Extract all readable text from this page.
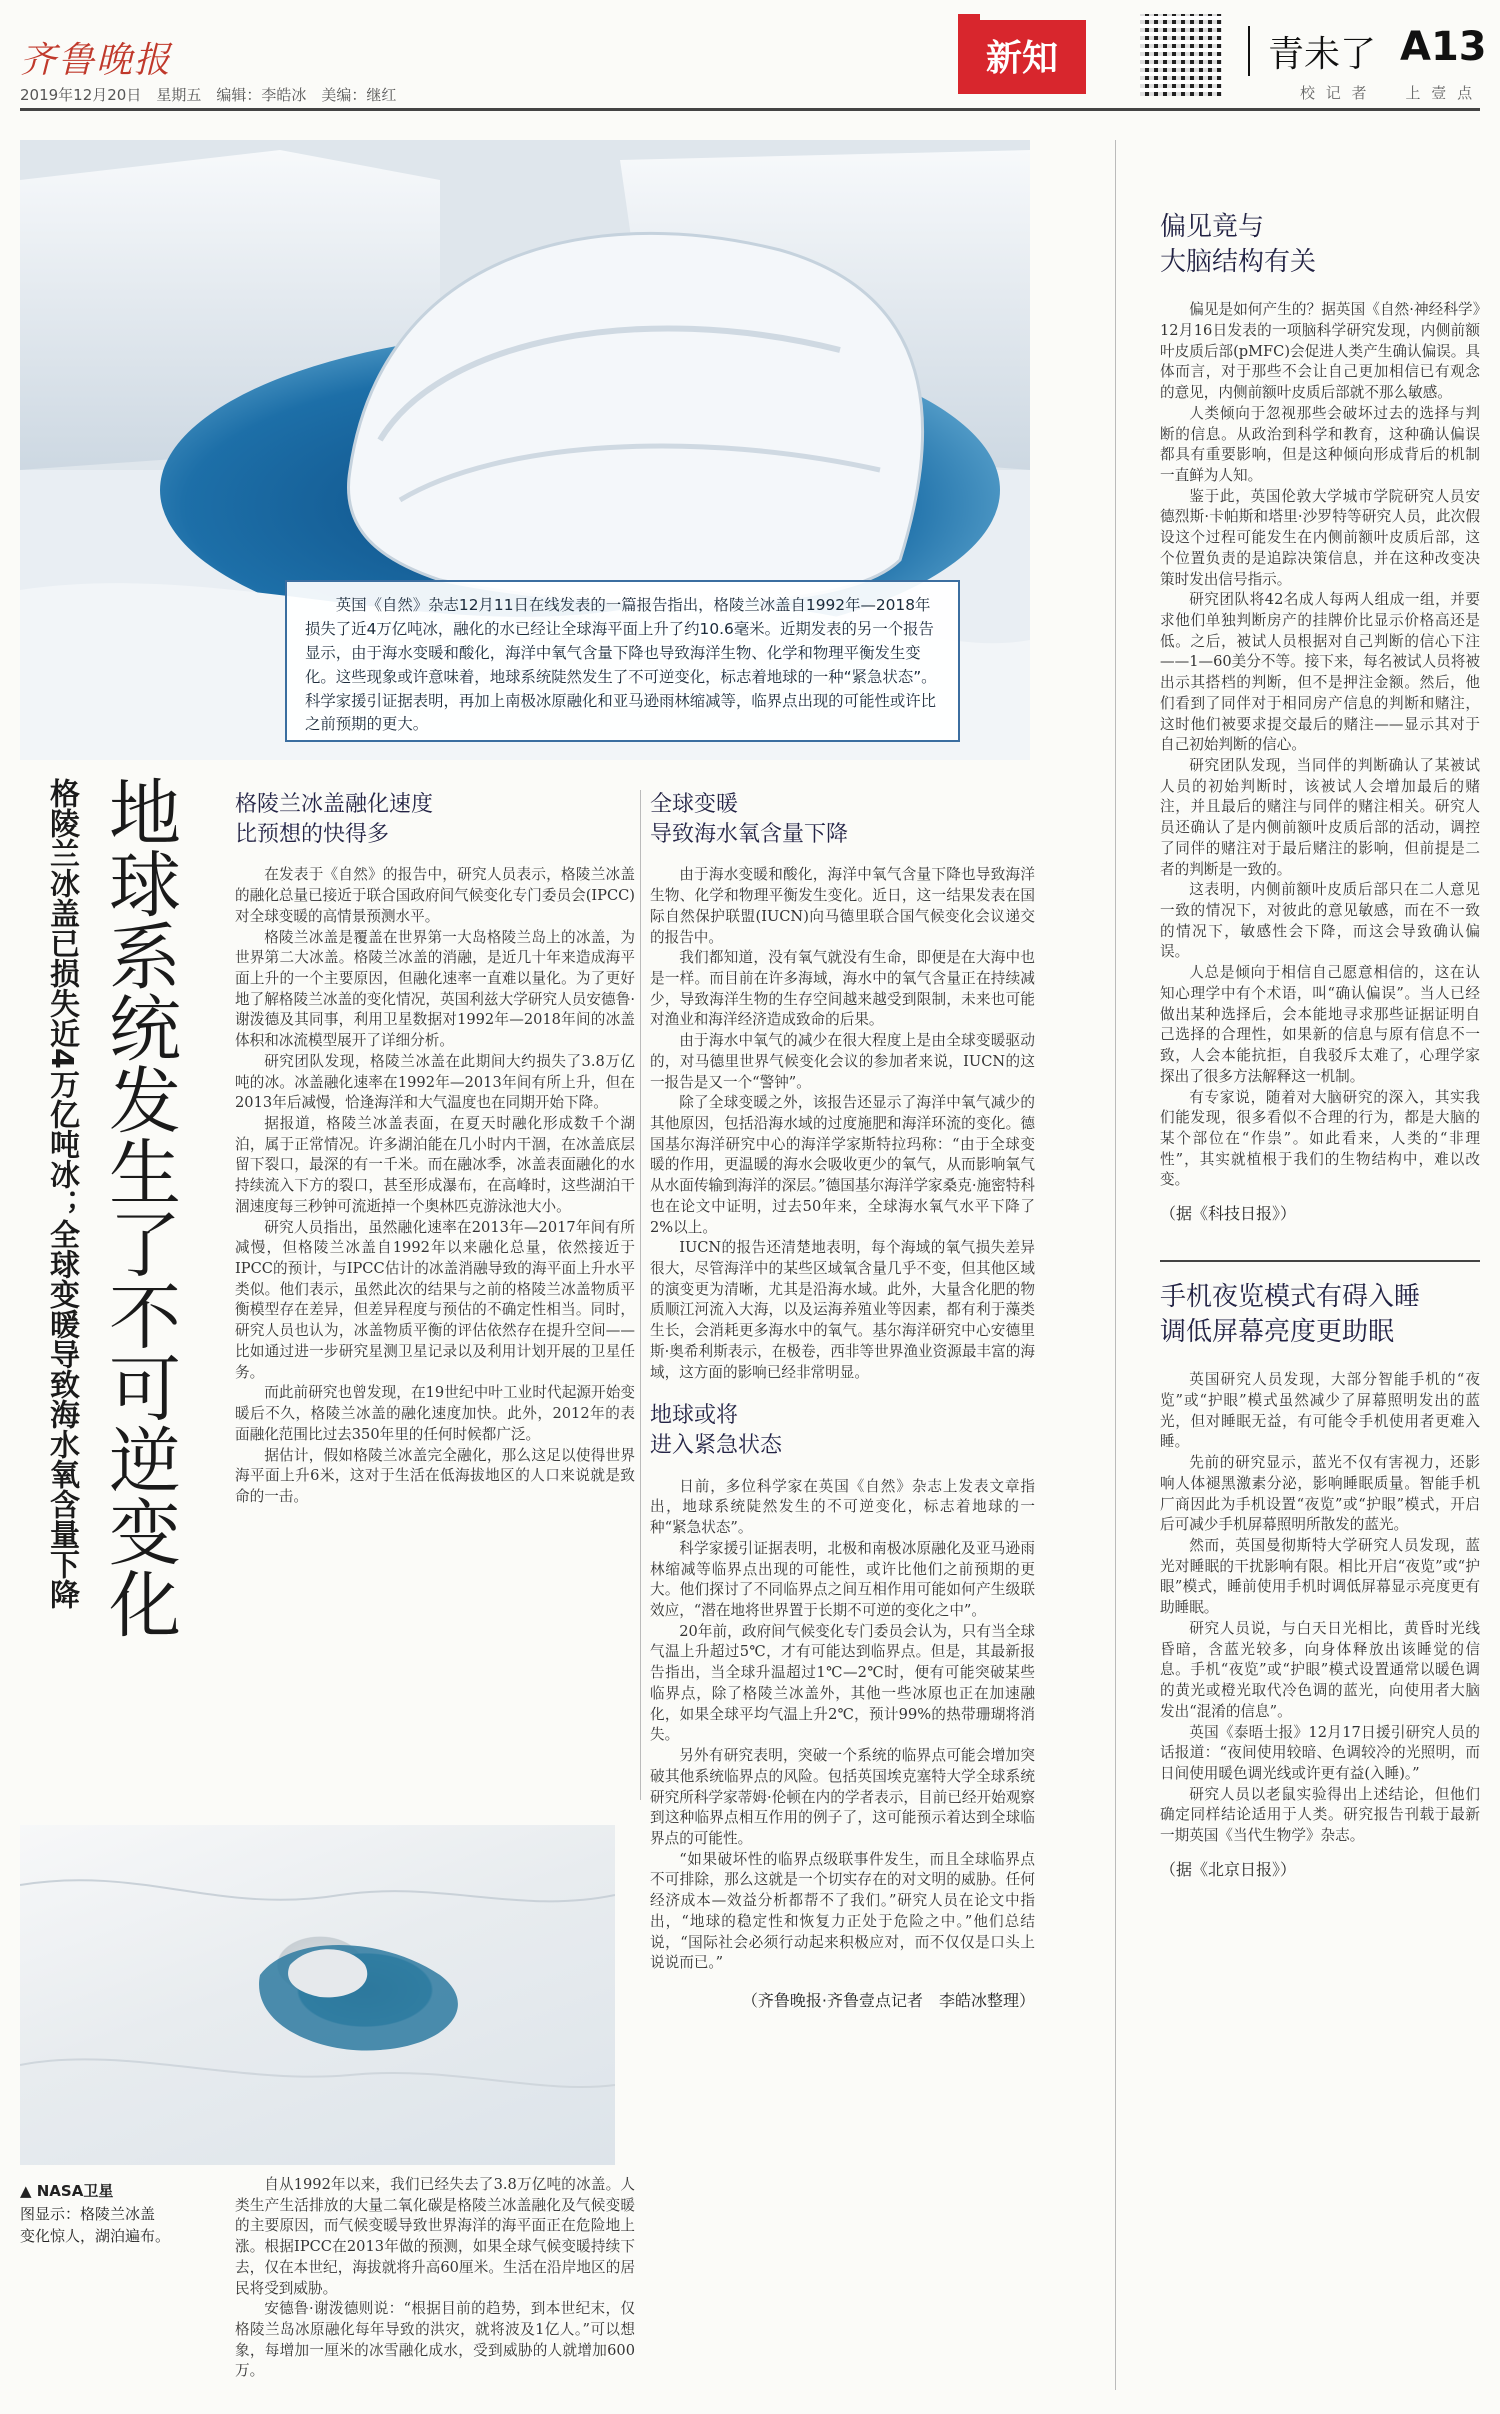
齐鲁晚报
2019年12月20日　星期五　编辑：李皓冰　美编：继红
新知	青未了 A13
校 记 者　　上 壹 点
英国《自然》杂志12月11日在线发表的一篇报告指出，格陵兰冰盖自1992年—2018年损失了近4万亿吨冰，融化的水已经让全球海平面上升了约10.6毫米。近期发表的另一个报告显示，由于海水变暖和酸化，海洋中氧气含量下降也导致海洋生物、化学和物理平衡发生变化。这些现象或许意味着，地球系统陡然发生了不可逆变化，标志着地球的一种“紧急状态”。科学家援引证据表明，再加上南极冰原融化和亚马逊雨林缩减等，临界点出现的可能性或许比之前预期的更大。
地球系统发生了不可逆变化
格陵兰冰盖已损失近4万亿吨冰；全球变暖导致海水氧含量下降	格陵兰冰盖融化速度
比预想的快得多

在发表于《自然》的报告中，研究人员表示，格陵兰冰盖的融化总量已接近于联合国政府间气候变化专门委员会(IPCC)对全球变暖的高情景预测水平。

格陵兰冰盖是覆盖在世界第一大岛格陵兰岛上的冰盖，为世界第二大冰盖。格陵兰冰盖的消融，是近几十年来造成海平面上升的一个主要原因，但融化速率一直难以量化。为了更好地了解格陵兰冰盖的变化情况，英国利兹大学研究人员安德鲁·谢泼德及其同事，利用卫星数据对1992年—2018年间的冰盖体积和冰流模型展开了详细分析。

研究团队发现，格陵兰冰盖在此期间大约损失了3.8万亿吨的冰。冰盖融化速率在1992年—2013年间有所上升，但在2013年后减慢，恰逢海洋和大气温度也在同期开始下降。

据报道，格陵兰冰盖表面，在夏天时融化形成数千个湖泊，属于正常情况。许多湖泊能在几小时内干涸，在冰盖底层留下裂口，最深的有一千米。而在融冰季，冰盖表面融化的水持续流入下方的裂口，甚至形成瀑布，在高峰时，这些湖泊干涸速度每三秒钟可流逝掉一个奥林匹克游泳池大小。

研究人员指出，虽然融化速率在2013年—2017年间有所减慢，但格陵兰冰盖自1992年以来融化总量，依然接近于IPCC的预计，与IPCC估计的冰盖消融导致的海平面上升水平类似。他们表示，虽然此次的结果与之前的格陵兰冰盖物质平衡模型存在差异，但差异程度与预估的不确定性相当。同时，研究人员也认为，冰盖物质平衡的评估依然存在提升空间——比如通过进一步研究星测卫星记录以及利用计划开展的卫星任务。

而此前研究也曾发现，在19世纪中叶工业时代起源开始变暖后不久，格陵兰冰盖的融化速度加快。此外，2012年的表面融化范围比过去350年里的任何时候都广泛。

据估计，假如格陵兰冰盖完全融化，那么这足以使得世界海平面上升6米，这对于生活在低海拔地区的人口来说就是致命的一击。

全球变暖
导致海水氧含量下降

由于海水变暖和酸化，海洋中氧气含量下降也导致海洋生物、化学和物理平衡发生变化。近日，这一结果发表在国际自然保护联盟(IUCN)向马德里联合国气候变化会议递交的报告中。

我们都知道，没有氧气就没有生命，即便是在大海中也是一样。而目前在许多海域，海水中的氧气含量正在持续减少，导致海洋生物的生存空间越来越受到限制，未来也可能对渔业和海洋经济造成致命的后果。

由于海水中氧气的减少在很大程度上是由全球变暖驱动的，对马德里世界气候变化会议的参加者来说，IUCN的这一报告是又一个“警钟”。

除了全球变暖之外，该报告还显示了海洋中氧气减少的其他原因，包括沿海水域的过度施肥和海洋环流的变化。德国基尔海洋研究中心的海洋学家斯特拉玛称：“由于全球变暖的作用，更温暖的海水会吸收更少的氧气，从而影响氧气从水面传输到海洋的深层。”德国基尔海洋学家桑克·施密特科也在论文中证明，过去50年来，全球海水氧气水平下降了2%以上。

IUCN的报告还清楚地表明，每个海域的氧气损失差异很大，尽管海洋中的某些区域氧含量几乎不变，但其他区域的演变更为清晰，尤其是沿海水域。此外，大量含化肥的物质顺江河流入大海，以及运海养殖业等因素，都有利于藻类生长，会消耗更多海水中的氧气。基尔海洋研究中心安德里斯·奥希利斯表示，在极卷，西非等世界渔业资源最丰富的海域，这方面的影响已经非常明显。

地球或将
进入紧急状态

日前，多位科学家在英国《自然》杂志上发表文章指出，地球系统陡然发生的不可逆变化，标志着地球的一种“紧急状态”。

科学家援引证据表明，北极和南极冰原融化及亚马逊雨林缩减等临界点出现的可能性，或许比他们之前预期的更大。他们探讨了不同临界点之间互相作用可能如何产生级联效应，“潜在地将世界置于长期不可逆的变化之中”。

20年前，政府间气候变化专门委员会认为，只有当全球气温上升超过5℃，才有可能达到临界点。但是，其最新报告指出，当全球升温超过1℃—2℃时，便有可能突破某些临界点，除了格陵兰冰盖外，其他一些冰原也正在加速融化，如果全球平均气温上升2℃，预计99%的热带珊瑚将消失。

另外有研究表明，突破一个系统的临界点可能会增加突破其他系统临界点的风险。包括英国埃克塞特大学全球系统研究所科学家蒂姆·伦顿在内的学者表示，目前已经开始观察到这种临界点相互作用的例子了，这可能预示着达到全球临界点的可能性。

“如果破坏性的临界点级联事件发生，而且全球临界点不可排除，那么这就是一个切实存在的对文明的威胁。任何经济成本—效益分析都帮不了我们。”研究人员在论文中指出，“地球的稳定性和恢复力正处于危险之中。”他们总结说，“国际社会必须行动起来积极应对，而不仅仅是口头上说说而已。”

（齐鲁晚报·齐鲁壹点记者　李皓冰整理）
▲ NASA卫星
图显示：格陵兰冰盖
变化惊人，湖泊遍布。

自从1992年以来，我们已经失去了3.8万亿吨的冰盖。人类生产生活排放的大量二氧化碳是格陵兰冰盖融化及气候变暖的主要原因，而气候变暖导致世界海洋的海平面正在危险地上涨。根据IPCC在2013年做的预测，如果全球气候变暖持续下去，仅在本世纪，海拔就将升高60厘米。生活在沿岸地区的居民将受到威胁。

安德鲁·谢泼德则说：“根据目前的趋势，到本世纪末，仅格陵兰岛冰原融化每年导致的洪灾，就将波及1亿人。”可以想象，每增加一厘米的冰雪融化成水，受到威胁的人就增加600万。

偏见竟与
大脑结构有关

偏见是如何产生的？据英国《自然·神经科学》12月16日发表的一项脑科学研究发现，内侧前额叶皮质后部(pMFC)会促进人类产生确认偏误。具体而言，对于那些不会让自己更加相信已有观念的意见，内侧前额叶皮质后部就不那么敏感。

人类倾向于忽视那些会破坏过去的选择与判断的信息。从政治到科学和教育，这种确认偏误都具有重要影响，但是这种倾向形成背后的机制一直鲜为人知。

鉴于此，英国伦敦大学城市学院研究人员安德烈斯·卡帕斯和塔里·沙罗特等研究人员，此次假设这个过程可能发生在内侧前额叶皮质后部，这个位置负责的是追踪决策信息，并在这种改变决策时发出信号指示。

研究团队将42名成人每两人组成一组，并要求他们单独判断房产的挂牌价比显示价格高还是低。之后，被试人员根据对自己判断的信心下注——1—60美分不等。接下来，每名被试人员将被出示其搭档的判断，但不是押注金额。然后，他们看到了同伴对于相同房产信息的判断和赌注，这时他们被要求提交最后的赌注——显示其对于自己初始判断的信心。

研究团队发现，当同伴的判断确认了某被试人员的初始判断时，该被试人会增加最后的赌注，并且最后的赌注与同伴的赌注相关。研究人员还确认了是内侧前额叶皮质后部的活动，调控了同伴的赌注对于最后赌注的影响，但前提是二者的判断是一致的。

这表明，内侧前额叶皮质后部只在二人意见一致的情况下，对彼此的意见敏感，而在不一致的情况下，敏感性会下降，而这会导致确认偏误。

人总是倾向于相信自己愿意相信的，这在认知心理学中有个术语，叫“确认偏误”。当人已经做出某种选择后，会本能地寻求那些证据证明自己选择的合理性，如果新的信息与原有信息不一致，人会本能抗拒，自我驳斥太难了，心理学家探出了很多方法解释这一机制。

有专家说，随着对大脑研究的深入，其实我们能发现，很多看似不合理的行为，都是大脑的某个部位在“作祟”。如此看来，人类的“非理性”，其实就植根于我们的生物结构中，难以改变。

（据《科技日报》）
手机夜览模式有碍入睡
调低屏幕亮度更助眠

英国研究人员发现，大部分智能手机的“夜览”或“护眼”模式虽然减少了屏幕照明发出的蓝光，但对睡眠无益，有可能令手机使用者更难入睡。

先前的研究显示，蓝光不仅有害视力，还影响人体褪黑激素分泌，影响睡眠质量。智能手机厂商因此为手机设置“夜览”或“护眼”模式，开启后可减少手机屏幕照明所散发的蓝光。

然而，英国曼彻斯特大学研究人员发现，蓝光对睡眠的干扰影响有限。相比开启“夜览”或“护眼”模式，睡前使用手机时调低屏幕显示亮度更有助睡眠。

研究人员说，与白天日光相比，黄昏时光线昏暗，含蓝光较多，向身体释放出该睡觉的信息。手机“夜览”或“护眼”模式设置通常以暖色调的黄光或橙光取代冷色调的蓝光，向使用者大脑发出“混淆的信息”。

英国《泰晤士报》12月17日援引研究人员的话报道：“夜间使用较暗、色调较冷的光照明，而日间使用暖色调光线或许更有益(入睡)。”

研究人员以老鼠实验得出上述结论，但他们确定同样结论适用于人类。研究报告刊载于最新一期英国《当代生物学》杂志。

（据《北京日报》）
